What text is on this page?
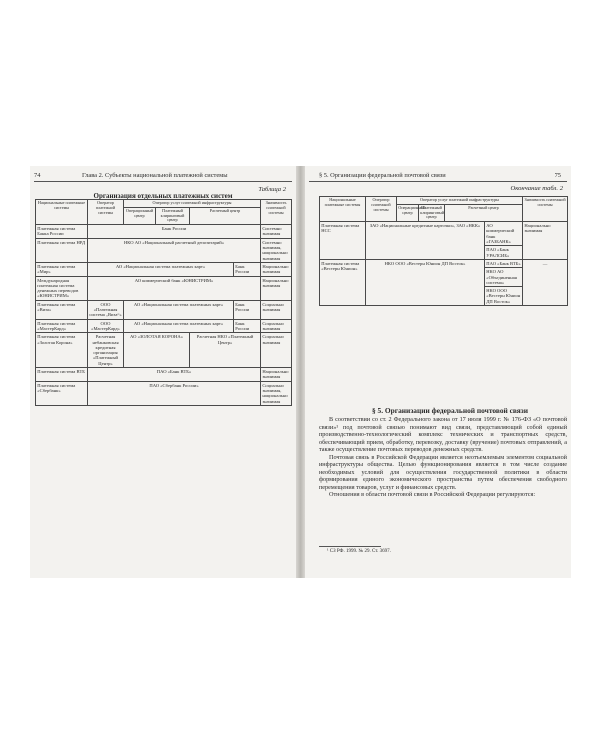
74	Глава 2. Субъекты национальной платежной системы
Таблица 2
Организация отдельных платежных систем
Национальные платежные системы	Оператор платежной системы	Оператор услуг платежной инфраструктуры				Значимость платежной системы
		Операционный центр	Платежный клиринговый центр	Расчетный центр		
Платежная система Банка России	Банк России					Системно значимая
Платежная система НРД	НКО АО «Национальный расчетный депозитарий»					Системно значимая, национально значимая
Платежная система «Мир»	АО «Национальная система платежных карт»				Банк России	Национально значимая
Международная платежная система денежных переводов «ЮНИСТРИМ»	АО коммерческий банк «ЮНИСТРИМ»					Национально значимая
Платежная система «Виза»	ООО «Платежная система „Виза“»	АО «Национальная система платежных карт»			Банк России	Социально значимая
Платежная система «МастерКард»	ООО «МастерКард»	АО «Национальная система платежных карт»			Банк России	Социально значимая
Платежная система «Золотая Корона»	Расчетная небанковская кредитная организация «Платежный Центр»	АО «ЗОЛОТАЯ КОРОНА»		Расчетная НКО «Платежный Центр»		Социально значимая
Платежная система ВТБ	ПАО «Банк ВТБ»					Национально значимая
Платежная система «Сбербанк»	ПАО «Сбербанк России»					Социально значимая, национально значимая
§ 5. Организации федеральной почтовой связи	75
Окончание табл. 2
Национальные платежные системы	Оператор платежной системы	Оператор услуг платежной инфраструктуры				Значимость платежной системы
		Операционный центр	Платежный клиринговый центр	Расчетный центр		
Платежная система НСС	ЗАО «Национальные кредитные карточки», ЗАО «НКК»				АО коммерческий банк «ГАЗБАНК»	Национально значимая
					ПАО «Банк УРАЛСИБ»	
Платежная система «Вестерн Юнион»	НКО ООО «Вестерн Юнион ДП Восток»				ПАО «Банк ВТБ»	—
					НКО АО «Объединенная система»	
					НКО ООО «Вестерн Юнион ДП Восток»	
§ 5. Организации федеральной почтовой связи

В соответствии со ст. 2 Федерального закона от 17 июля 1999 г. № 176-ФЗ «О почтовой связи»¹ под почтовой связью понимают вид связи, представляющий собой единый производственно-технологический комплекс технических и транспортных средств, обеспечивающий прием, обработку, перевозку, доставку (вручение) почтовых отправлений, а также осуществление почтовых переводов денежных средств.

Почтовая связь в Российской Федерации является неотъемлемым элементом социальной инфраструктуры общества. Целью функционирования является в том числе создание необходимых условий для осуществления государственной политики в области формирования единого экономического пространства путем обеспечения свободного перемещения товаров, услуг и финансовых средств.

Отношения в области почтовой связи в Российской Федерации регулируются:

¹ СЗ РФ. 1999. № 29. Ст. 3697.
